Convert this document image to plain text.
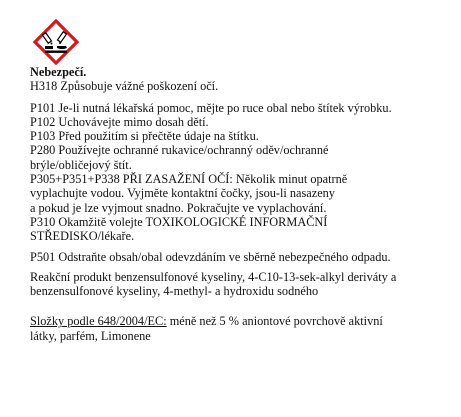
Nebezpečí.
H318 Způsobuje vážné poškození očí.
P101 Je-li nutná lékařská pomoc, mějte po ruce obal nebo štítek výrobku.
P102 Uchovávejte mimo dosah dětí.
P103 Před použitím si přečtěte údaje na štítku.
P280 Používejte ochranné rukavice/ochranný oděv/ochranné
brýle/obličejový štít.
P305+P351+P338 PŘI ZASAŽENÍ OČÍ: Několik minut opatrně
vyplachujte vodou. Vyjměte kontaktní čočky, jsou-li nasazeny
a pokud je lze vyjmout snadno. Pokračujte ve vyplachování.
P310 Okamžitě volejte TOXIKOLOGICKÉ INFORMAČNÍ
STŘEDISKO/lékaře.
P501 Odstraňte obsah/obal odevzdáním ve sběrně nebezpečného odpadu.
Reakční produkt benzensulfonové kyseliny, 4-C10-13-sek-alkyl deriváty a
benzensulfonové kyseliny, 4-methyl- a hydroxidu sodného
Složky podle 648/2004/EC: méně než 5 % aniontové povrchově aktivní
látky, parfém, Limonene
